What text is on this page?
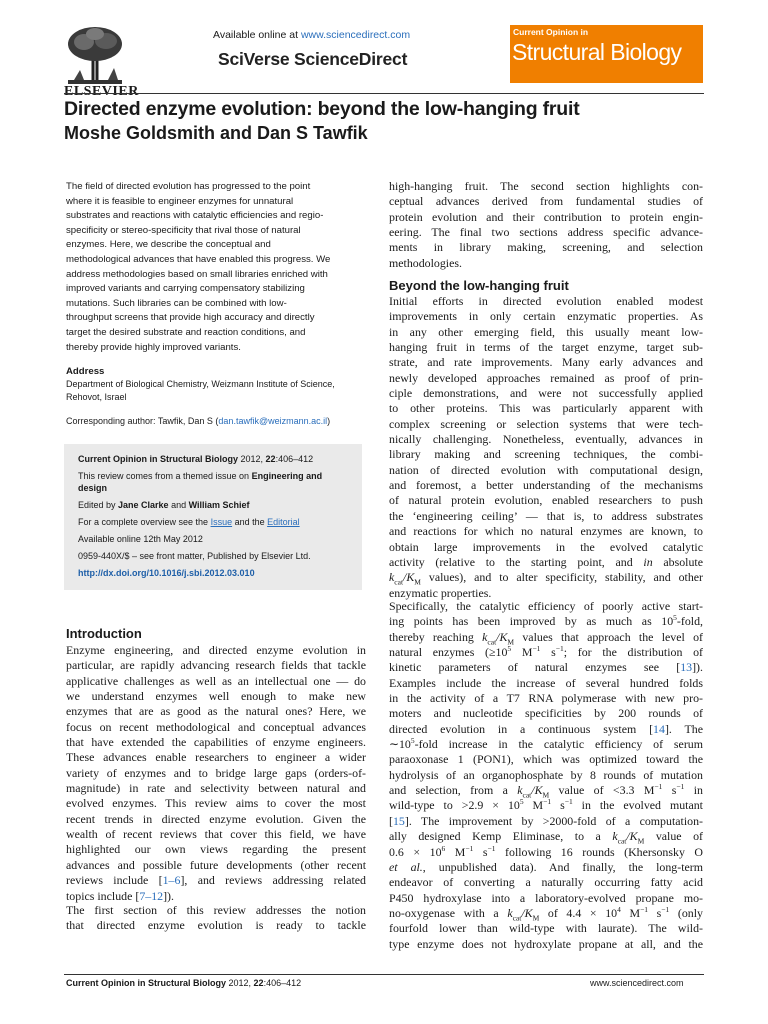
ELSEVIER
Available online at www.sciencedirect.com
SciVerse ScienceDirect
Current Opinion in
Structural Biology
Directed enzyme evolution: beyond the low-hanging fruit
Moshe Goldsmith and Dan S Tawfik
The field of directed evolution has progressed to the point
where it is feasible to engineer enzymes for unnatural
substrates and reactions with catalytic efficiencies and regio-
specificity or stereo-specificity that rival those of natural
enzymes. Here, we describe the conceptual and
methodological advances that have enabled this progress. We
address methodologies based on small libraries enriched with
improved variants and carrying compensatory stabilizing
mutations. Such libraries can be combined with low-
throughput screens that provide high accuracy and directly
target the desired substrate and reaction conditions, and
thereby provide highly improved variants.
Address
Department of Biological Chemistry, Weizmann Institute of Science,
Rehovot, Israel
Corresponding author: Tawfik, Dan S (dan.tawfik@weizmann.ac.il)
Current Opinion in Structural Biology 2012, 22:406–412
This review comes from a themed issue on Engineering and
design
Edited by Jane Clarke and William Schief
For a complete overview see the Issue and the Editorial
Available online 12th May 2012
0959-440X/$ – see front matter, Published by Elsevier Ltd.
http://dx.doi.org/10.1016/j.sbi.2012.03.010
Introduction
Enzyme engineering, and directed enzyme evolution in
particular, are rapidly advancing research fields that tackle
applicative challenges as well as an intellectual one — do
we understand enzymes well enough to make new
enzymes that are as good as the natural ones? Here, we
focus on recent methodological and conceptual advances
that have extended the capabilities of enzyme engineers.
These advances enable researchers to engineer a wider
variety of enzymes and to bridge large gaps (orders-of-
magnitude) in rate and selectivity between natural and
evolved enzymes. This review aims to cover the most
recent trends in directed enzyme evolution. Given the
wealth of recent reviews that cover this field, we have
highlighted our own views regarding the present
advances and possible future developments (other recent
reviews include [1–6], and reviews addressing related
topics include [7–12]).
The first section of this review addresses the notion
that directed enzyme evolution is ready to tackle
high-hanging fruit. The second section highlights con-
ceptual advances derived from fundamental studies of
protein evolution and their contribution to protein engin-
eering. The final two sections address specific advance-
ments in library making, screening, and selection
methodologies.
Beyond the low-hanging fruit
Initial efforts in directed evolution enabled modest
improvements in only certain enzymatic properties. As
in any other emerging field, this usually meant low-
hanging fruit in terms of the target enzyme, target sub-
strate, and rate improvements. Many early advances and
newly developed approaches remained as proof of prin-
ciple demonstrations, and were not successfully applied
to other proteins. This was particularly apparent with
complex screening or selection systems that were tech-
nically challenging. Nonetheless, eventually, advances in
library making and screening techniques, the combi-
nation of directed evolution with computational design,
and foremost, a better understanding of the mechanisms
of natural protein evolution, enabled researchers to push
the ‘engineering ceiling’ — that is, to address substrates
and reactions for which no natural enzymes are known, to
obtain large improvements in the evolved catalytic
activity (relative to the starting point, and in absolute
$k_{cat}/K_M$ values), and to alter specificity, stability, and other
enzymatic properties.
Specifically, the catalytic efficiency of poorly active start-
ing points has been improved by as much as $10^5$-fold,
thereby reaching $k_{cat}/K_M$ values that approach the level of
natural enzymes ($\ge 10^5$ $M^{-1}$ $s^{-1}$; for the distribution of
kinetic parameters of natural enzymes see [13]).
Examples include the increase of several hundred folds
in the activity of a T7 RNA polymerase with new pro-
moters and nucleotide specificities by 200 rounds of
directed evolution in a continuous system [14]. The
$\sim 10^5$-fold increase in the catalytic efficiency of serum
paraoxonase 1 (PON1), which was optimized toward the
hydrolysis of an organophosphate by 8 rounds of mutation
and selection, from a $k_{cat}/K_M$ value of <3.3 $M^{-1}$ $s^{-1}$ in
wild-type to $>2.9 \times 10^5$ $M^{-1}$ $s^{-1}$ in the evolved mutant
[15]. The improvement by >2000-fold of a computation-
ally designed Kemp Eliminase, to a $k_{cat}/K_M$ value of
$0.6 \times 10^6$ $M^{-1}$ $s^{-1}$ following 16 rounds (Khersonsky O
et al., unpublished data). And finally, the long-term
endeavor of converting a naturally occurring fatty acid
P450 hydroxylase into a laboratory-evolved propane mo-
no-oxygenase with a $k_{cat}/K_M$ of $4.4 \times 10^4$ $M^{-1}$ $s^{-1}$ (only
fourfold lower than wild-type with laurate). The wild-
type enzyme does not hydroxylate propane at all, and the
Current Opinion in Structural Biology 2012, 22:406–412	www.sciencedirect.com
